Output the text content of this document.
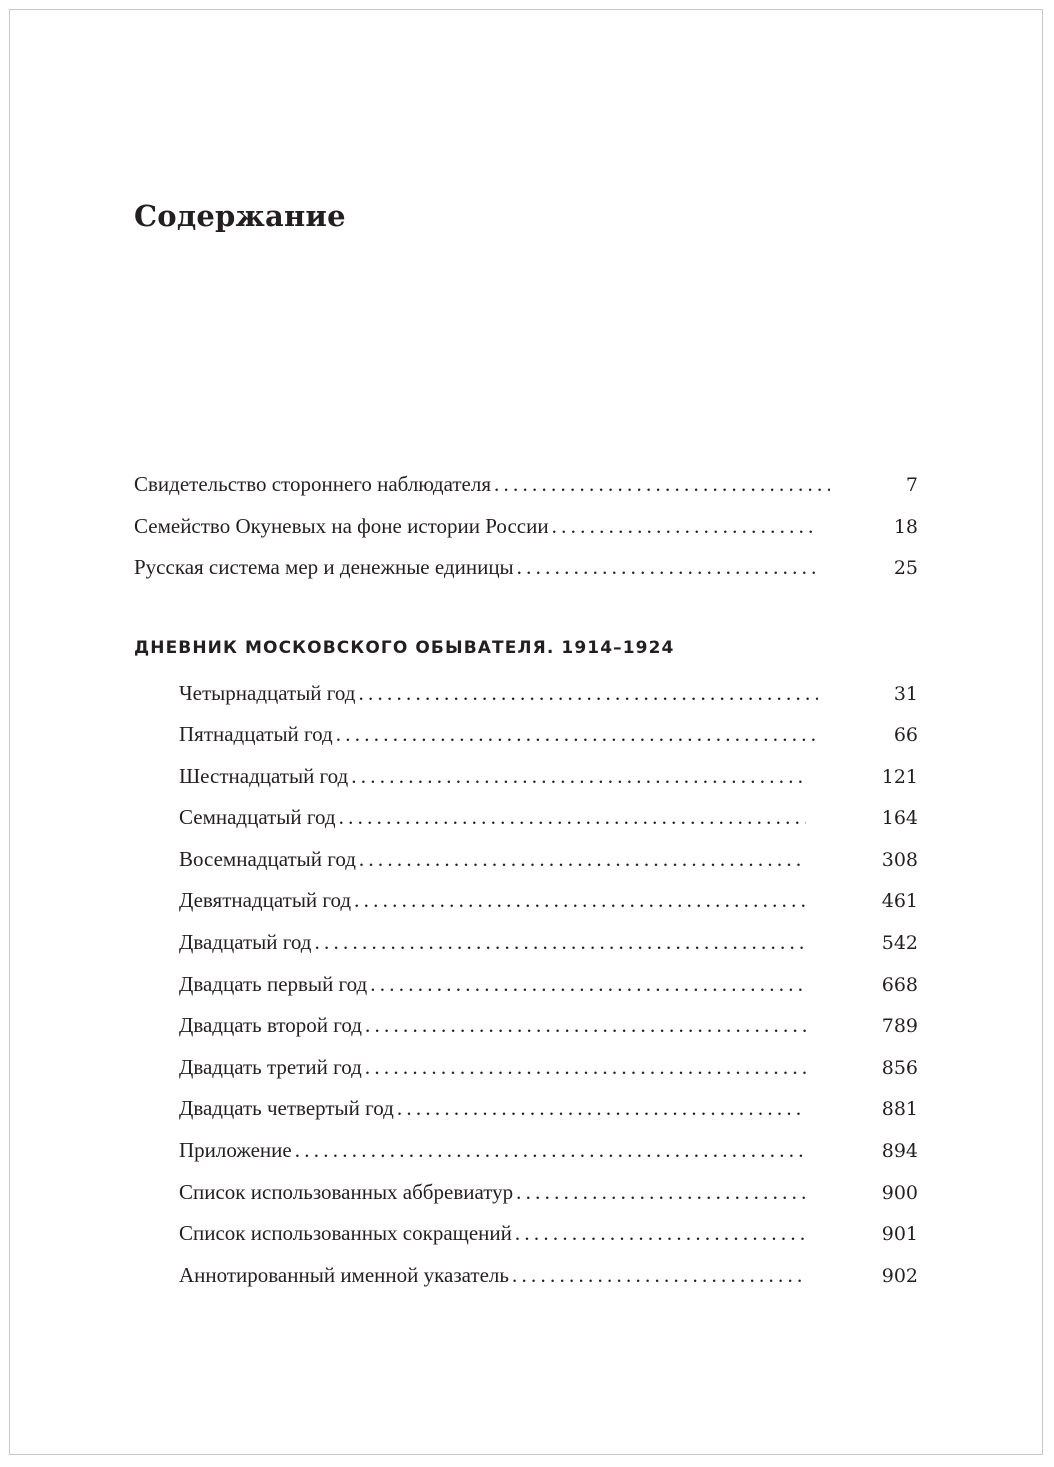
Содержание
Свидетельство стороннего наблюдателя . . .	7
Семейство Окуневых на фоне истории России . . .	18
Русская система мер и денежные единицы . . .	25
ДНЕВНИК МОСКОВСКОГО ОБЫВАТЕЛЯ. 1914–1924
Четырнадцатый год . . .	31
Пятнадцатый год . . .	66
Шестнадцатый год . . .	121
Семнадцатый год . . .	164
Восемнадцатый год . . .	308
Девятнадцатый год . . .	461
Двадцатый год . . .	542
Двадцать первый год . . .	668
Двадцать второй год . . .	789
Двадцать третий год . . .	856
Двадцать четвертый год . . .	881
Приложение . . .	894
Список использованных аббревиатур . . .	900
Список использованных сокращений . . .	901
Аннотированный именной указатель . . .	902
